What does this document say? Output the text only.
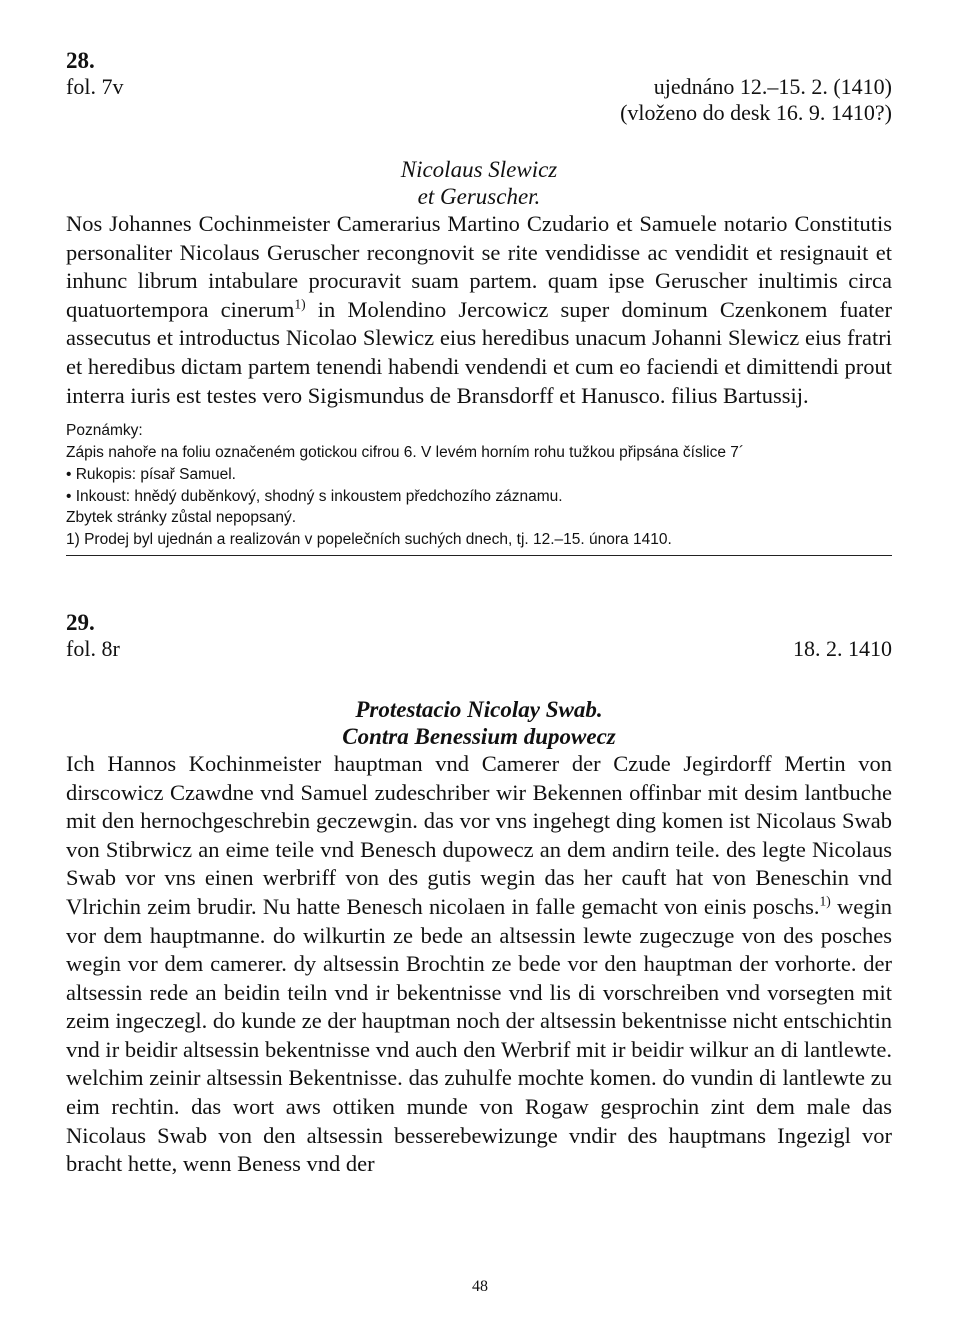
28.
fol. 7v	ujednáno 12.–15. 2. (1410)
(vloženo do desk 16. 9. 1410?)
Nicolaus Slewicz
et Geruscher.

Nos Johannes Cochinmeister Camerarius Martino Czudario et Samuele notario Constitutis personaliter Nicolaus Geruscher recongnovit se rite vendidisse ac vendidit et resignauit et inhunc librum intabulare procuravit suam partem. quam ipse Geruscher inultimis circa quatuortempora cinerum$^{1)}$ in Molendino Jercowicz super dominum Czenkonem fuater assecutus et introductus Nicolao Slewicz eius heredibus unacum Johanni Slewicz eius fratri et heredibus dictam partem tenendi habendi vendendi et cum eo faciendi et dimittendi prout interra iuris est testes vero Sigismundus de Bransdorff et Hanusco. filius Bartussij.

Poznámky:
Zápis nahoře na foliu označeném gotickou cifrou 6. V levém horním rohu tužkou připsána číslice 7´
• Rukopis: písař Samuel.
• Inkoust: hnědý duběnkový, shodný s inkoustem předchozího záznamu.
Zbytek stránky zůstal nepopsaný.
1) Prodej byl ujednán a realizován v popelečních suchých dnech, tj. 12.–15. února 1410.
29.
fol. 8r	18. 2. 1410
Protestacio Nicolay Swab.
Contra Benessium dupowecz

Ich Hannos Kochinmeister hauptman vnd Camerer der Czude Jegirdorff Mertin von dirscowicz Czawdne vnd Samuel zudeschriber wir Bekennen offinbar mit desim lantbuche mit den hernochgeschrebin geczewgin. das vor vns ingehegt ding komen ist Nicolaus Swab von Stibrwicz an eime teile vnd Benesch dupowecz an dem andirn teile. des legte Nicolaus Swab vor vns einen werbriff von des gutis wegin das her cauft hat von Beneschin vnd Vlrichin zeim brudir. Nu hatte Benesch nicolaen in falle gemacht von einis poschs.$^{1)}$ wegin vor dem hauptmanne. do wilkurtin ze bede an altsessin lewte zugeczuge von des posches wegin vor dem camerer. dy altsessin Brochtin ze bede vor den hauptman der vorhorte. der altsessin rede an beidin teiln vnd ir bekentnisse vnd lis di vorschreiben vnd vorsegten mit zeim ingeczegl. do kunde ze der hauptman noch der altsessin bekentnisse nicht entschichtin vnd ir beidir altsessin bekentnisse vnd auch den Werbrif mit ir beidir wilkur an di lantlewte. welchim zeinir altsessin Bekentnisse. das zuhulfe mochte komen. do vundin di lantlewte zu eim rechtin. das wort aws ottiken munde von Rogaw gesprochin zint dem male das Nicolaus Swab von den altsessin besserebewizunge vndir des hauptmans Ingezigl vor bracht hette, wenn Beness vnd der

48
